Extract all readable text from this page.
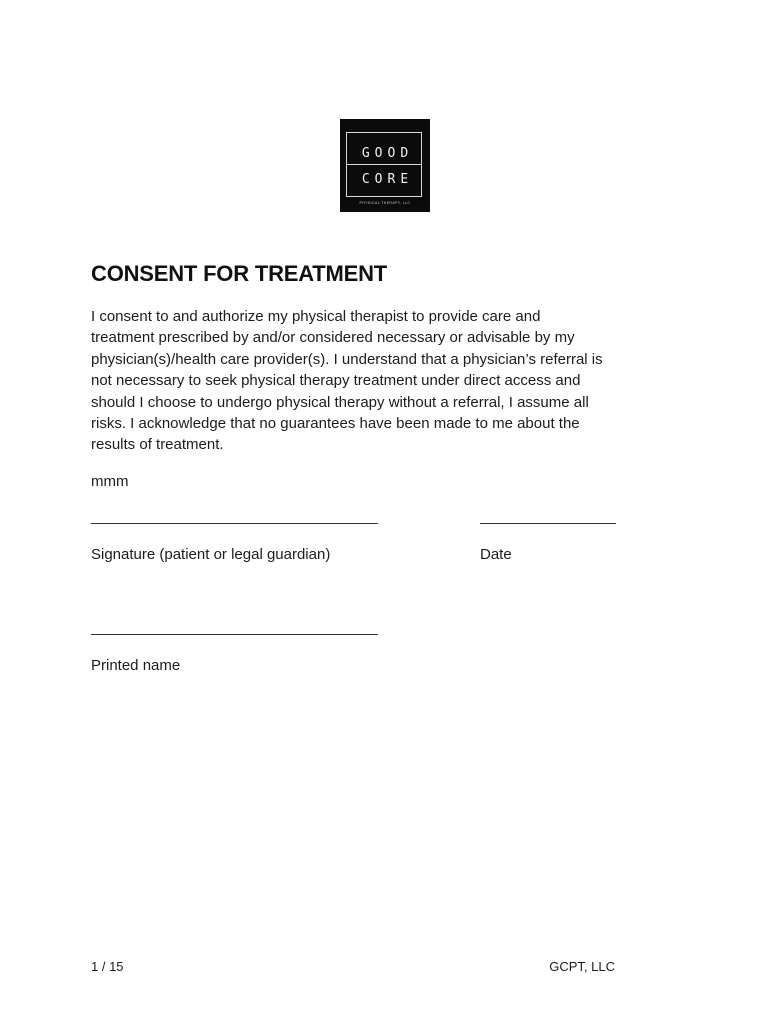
GOOD
CORE
PHYSICAL THERAPY, LLC
CONSENT FOR TREATMENT

I consent to and authorize my physical therapist to provide care and
treatment prescribed by and/or considered necessary or advisable by my
physician(s)/health care provider(s). I understand that a physician’s referral is
not necessary to seek physical therapy treatment under direct access and
should I choose to undergo physical therapy without a referral, I assume all
risks. I acknowledge that no guarantees have been made to me about the
results of treatment.

mmm
Signature (patient or legal guardian)	Date
Printed name
1 / 15	GCPT, LLC
